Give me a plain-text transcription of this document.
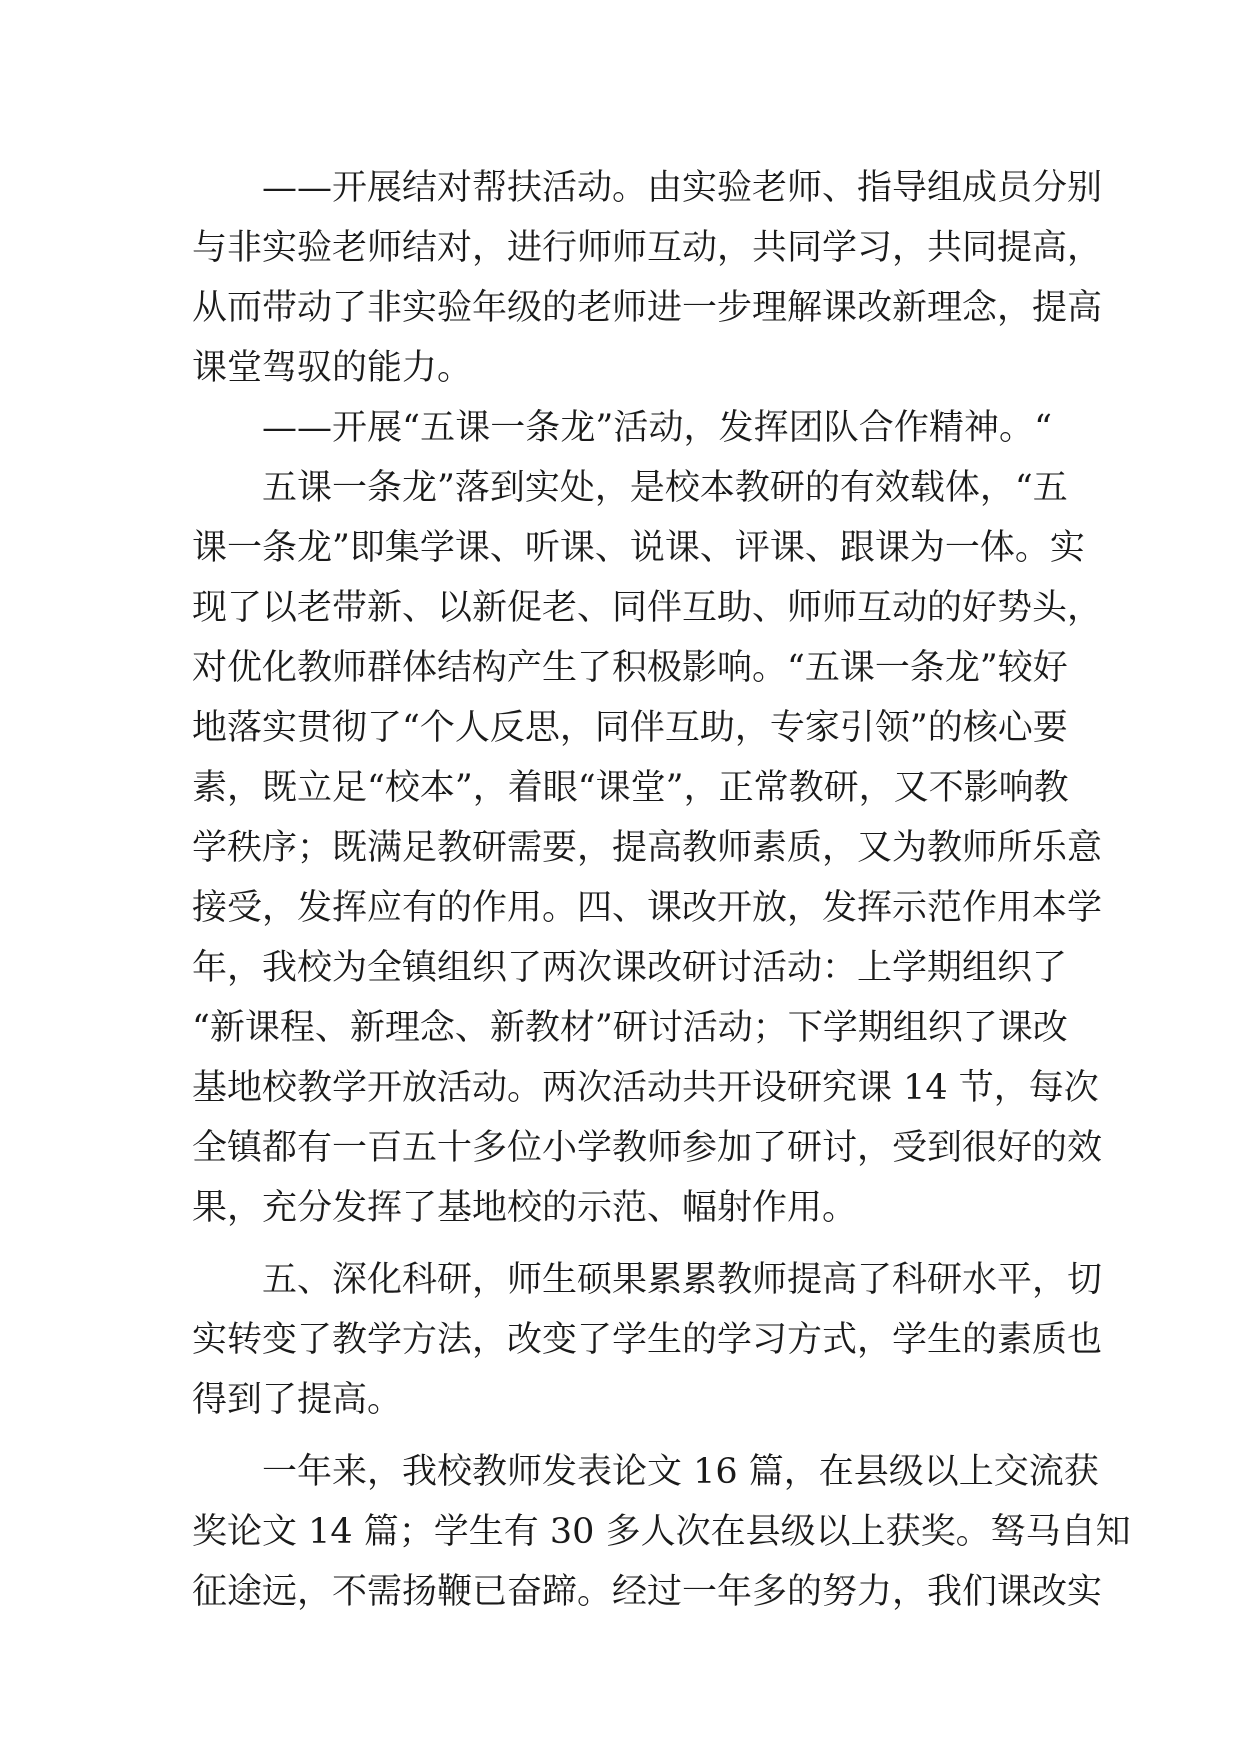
——开展结对帮扶活动。由实验老师、指导组成员分别
与非实验老师结对，进行师师互动，共同学习，共同提高，
从而带动了非实验年级的老师进一步理解课改新理念，提高
课堂驾驭的能力。
——开展“五课一条龙”活动，发挥团队合作精神。“
五课一条龙”落到实处，是校本教研的有效载体，“五
课一条龙”即集学课、听课、说课、评课、跟课为一体。实
现了以老带新、以新促老、同伴互助、师师互动的好势头，
对优化教师群体结构产生了积极影响。“五课一条龙”较好
地落实贯彻了“个人反思，同伴互助，专家引领”的核心要
素，既立足“校本”，着眼“课堂”，正常教研，又不影响教
学秩序；既满足教研需要，提高教师素质，又为教师所乐意
接受，发挥应有的作用。四、课改开放，发挥示范作用本学
年，我校为全镇组织了两次课改研讨活动：上学期组织了
“新课程、新理念、新教材”研讨活动；下学期组织了课改
基地校教学开放活动。两次活动共开设研究课 14 节，每次
全镇都有一百五十多位小学教师参加了研讨，受到很好的效
果，充分发挥了基地校的示范、幅射作用。
五、深化科研，师生硕果累累教师提高了科研水平，切
实转变了教学方法，改变了学生的学习方式，学生的素质也
得到了提高。
一年来，我校教师发表论文 16 篇，在县级以上交流获
奖论文 14 篇；学生有 30 多人次在县级以上获奖。驽马自知
征途远，不需扬鞭已奋蹄。经过一年多的努力，我们课改实
